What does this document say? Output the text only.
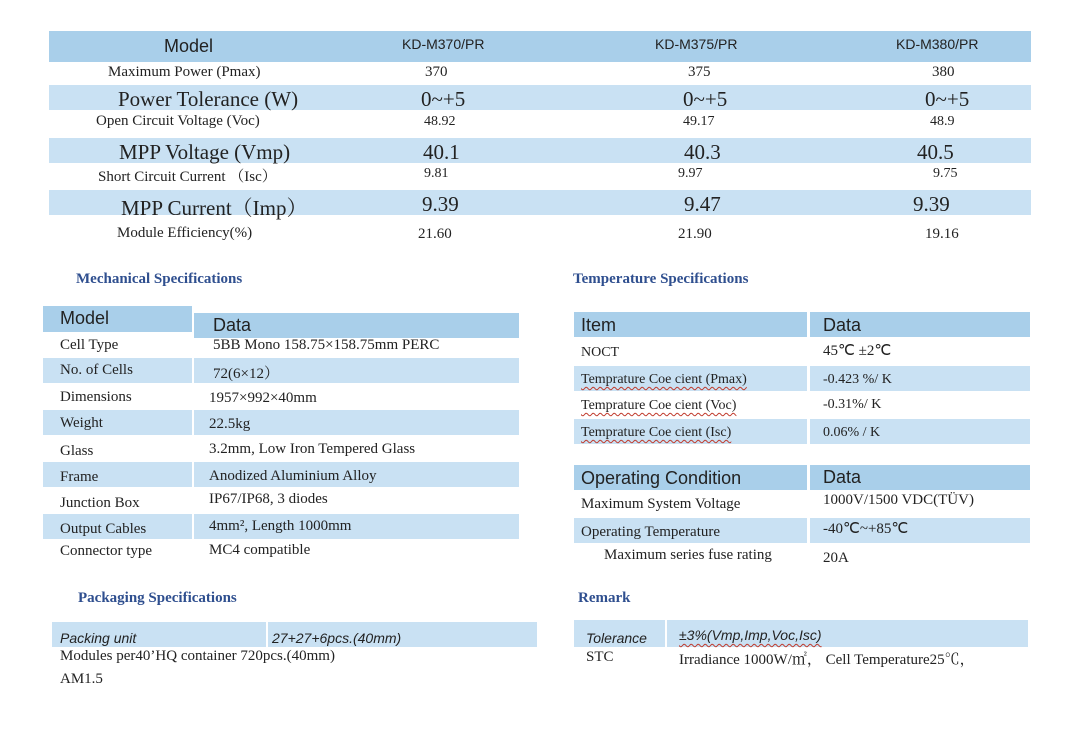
Model	KD-M370/PR	KD-M375/PR	KD-M380/PR
Maximum Power (Pmax)	370	375	380
Power Tolerance (W)	0~+5	0~+5	0~+5
Open Circuit Voltage (Voc)	48.92	49.17	48.9
MPP Voltage (Vmp)	40.1	40.3	40.5
Short Circuit Current （Isc）	9.81	9.97	9.75
MPP Current（Imp）	9.39	9.47	9.39
Module Efficiency(%)	21.60	21.90	19.16
Mechanical Specifications
Model	Data
Cell Type	5BB Mono 158.75×158.75mm PERC
No. of Cells	72(6×12）
Dimensions	1957×992×40mm
Weight	22.5kg
Glass	3.2mm, Low Iron Tempered Glass
Frame	Anodized Aluminium Alloy
Junction Box	IP67/IP68, 3 diodes
Output Cables	4mm², Length 1000mm
Connector type	MC4 compatible
Temperature Specifications
Item	Data
NOCT	45℃ ±2℃
Temprature Coe cient (Pmax)	-0.423 %/ K
Temprature Coe cient (Voc)	-0.31%/ K
Temprature Coe cient (Isc)	0.06% / K
Operating Condition	Data
Maximum System Voltage	1000V/1500 VDC(TÜV)
Operating Temperature	-40℃~+85℃
Maximum series fuse rating	20A
Packaging Specifications
Packing unit	27+27+6pcs.(40mm)
Modules per40’HQ container 720pcs.(40mm)
AM1.5
Remark
Tolerance ±3%(Vmp,Imp,Voc,Isc)
STC	Irradiance 1000W/㎡， Cell Temperature25℃，
